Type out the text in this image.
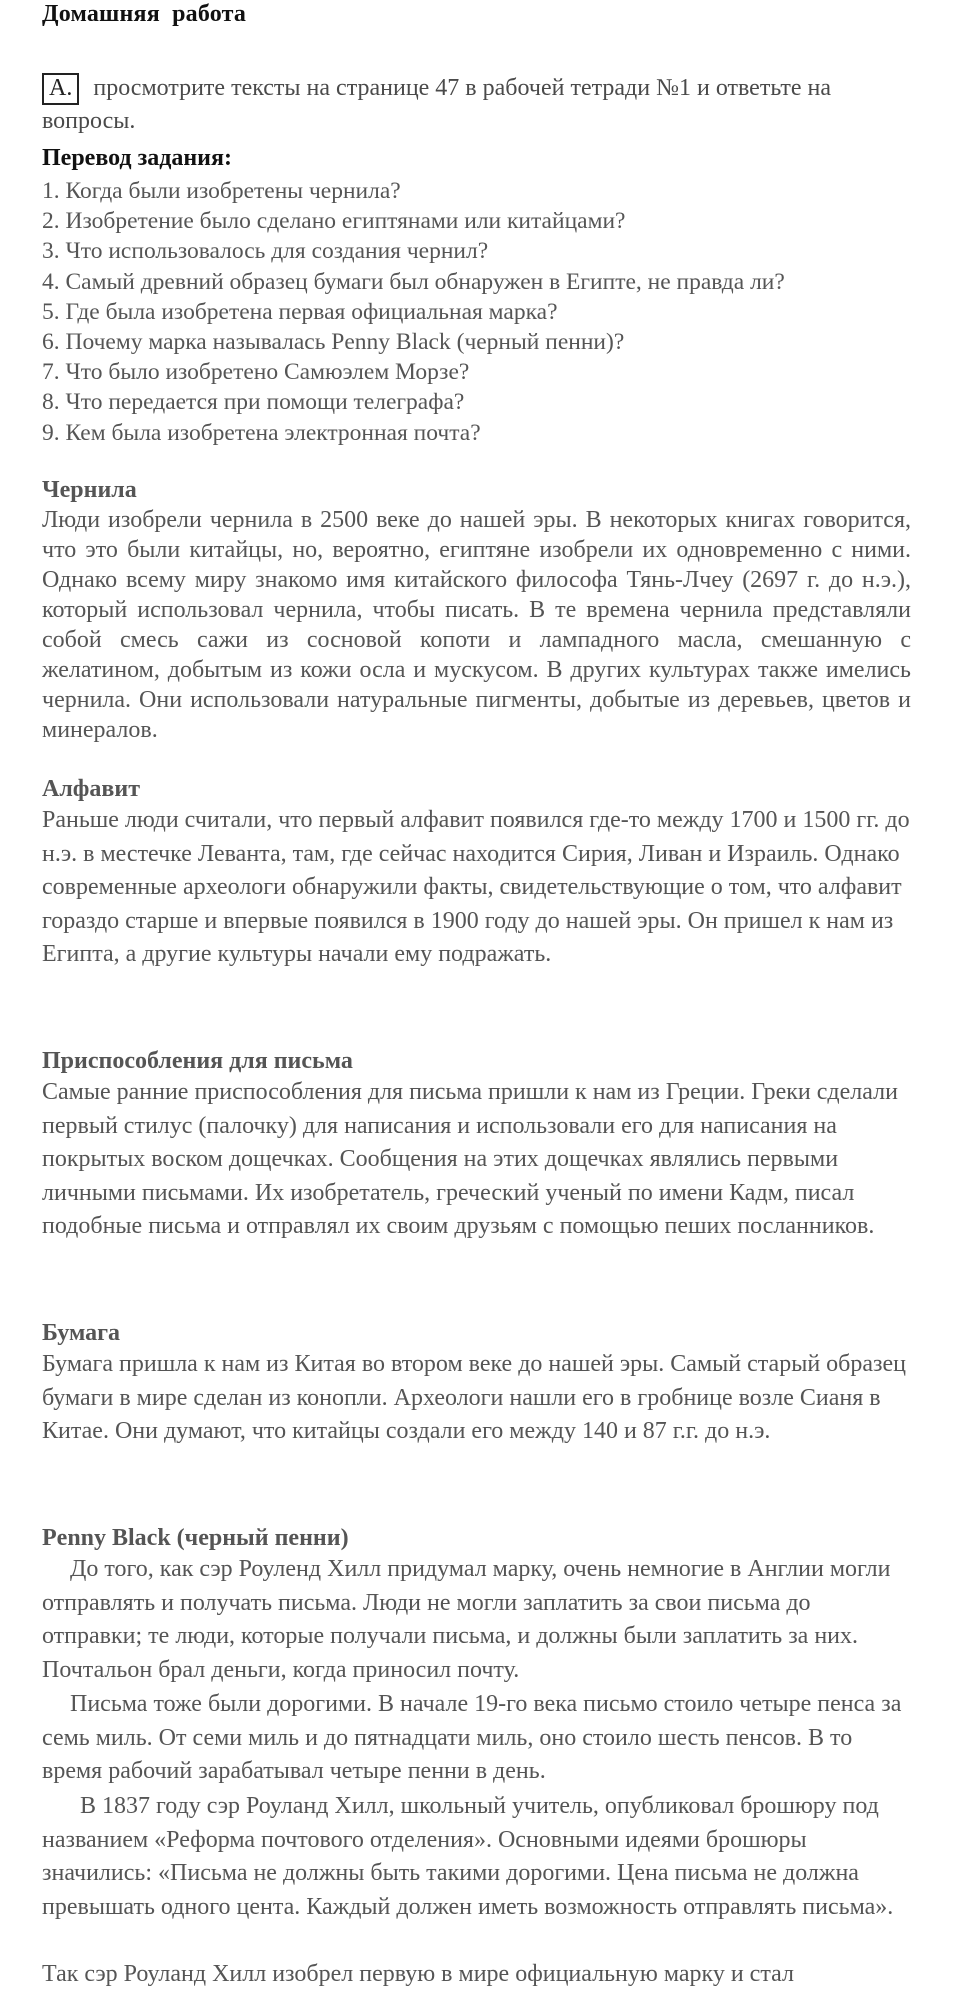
Домашняя работа
A. просмотрите тексты на странице 47 в рабочей тетради №1 и ответьте на вопросы.
Перевод задания:
1. Когда были изобретены чернила?
2. Изобретение было сделано египтянами или китайцами?
3. Что использовалось для создания чернил?
4. Самый древний образец бумаги был обнаружен в Египте, не правда ли?
5. Где была изобретена первая официальная марка?
6. Почему марка называлась Penny Black (черный пенни)?
7. Что было изобретено Самюэлем Морзе?
8. Что передается при помощи телеграфа?
9. Кем была изобретена электронная почта?
Чернила

Люди изобрели чернила в 2500 веке до нашей эры. В некоторых книгах говорится, что это были китайцы, но, вероятно, египтяне изобрели их одновременно с ними. Однако всему миру знакомо имя китайского философа Тянь-Лчеу (2697 г. до н.э.), который использовал чернила, чтобы писать. В те времена чернила представляли собой смесь сажи из сосновой копоти и лампадного масла, смешанную с желатином, добытым из кожи осла и мускусом. В других культурах также имелись чернила. Они использовали натуральные пигменты, добытые из деревьев, цветов и минералов.

Алфавит

Раньше люди считали, что первый алфавит появился где-то между 1700 и 1500 гг. до н.э. в местечке Леванта, там, где сейчас находится Сирия, Ливан и Израиль. Однако современные археологи обнаружили факты, свидетельствующие о том, что алфавит гораздо старше и впервые появился в 1900 году до нашей эры. Он пришел к нам из Египта, а другие культуры начали ему подражать.

Приспособления для письма

Самые ранние приспособления для письма пришли к нам из Греции. Греки сделали первый стилус (палочку) для написания и использовали его для написания на покрытых воском дощечках. Сообщения на этих дощечках являлись первыми личными письмами. Их изобретатель, греческий ученый по имени Кадм, писал подобные письма и отправлял их своим друзьям с помощью пеших посланников.

Бумага

Бумага пришла к нам из Китая во втором веке до нашей эры. Самый старый образец бумаги в мире сделан из конопли. Археологи нашли его в гробнице возле Сианя в Китае. Они думают, что китайцы создали его между 140 и 87 г.г. до н.э.

Penny Black (черный пенни)

До того, как сэр Роуленд Хилл придумал марку, очень немногие в Англии могли отправлять и получать письма. Люди не могли заплатить за свои письма до отправки; те люди, которые получали письма, и должны были заплатить за них. Почтальон брал деньги, когда приносил почту.

Письма тоже были дорогими. В начале 19-го века письмо стоило четыре пенса за семь миль. От семи миль и до пятнадцати миль, оно стоило шесть пенсов. В то время рабочий зарабатывал четыре пенни в день.

В 1837 году сэр Роуланд Хилл, школьный учитель, опубликовал брошюру под названием «Реформа почтового отделения». Основными идеями брошюры значились: «Письма не должны быть такими дорогими. Цена письма не должна превышать одного цента. Каждый должен иметь возможность отправлять письма».

Так сэр Роуланд Хилл изобрел первую в мире официальную марку и стал
